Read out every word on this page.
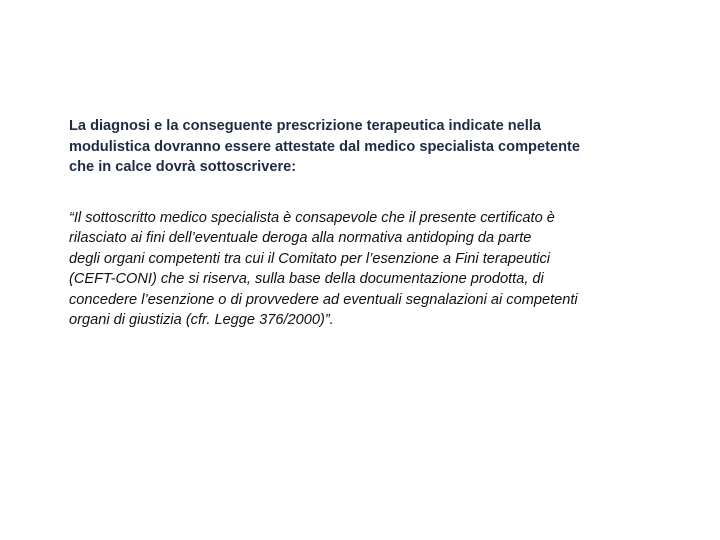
La diagnosi e la conseguente prescrizione terapeutica indicate nella
modulistica dovranno essere attestate dal medico specialista competente
che in calce dovrà sottoscrivere:

“Il sottoscritto medico specialista è consapevole che il presente certificato è
rilasciato ai fini dell’eventuale deroga alla normativa antidoping da parte
degli organi competenti tra cui il Comitato per l’esenzione a Fini terapeutici
(CEFT-CONI) che si riserva, sulla base della documentazione prodotta, di
concedere l’esenzione o di provvedere ad eventuali segnalazioni ai competenti
organi di giustizia (cfr. Legge 376/2000)”.
